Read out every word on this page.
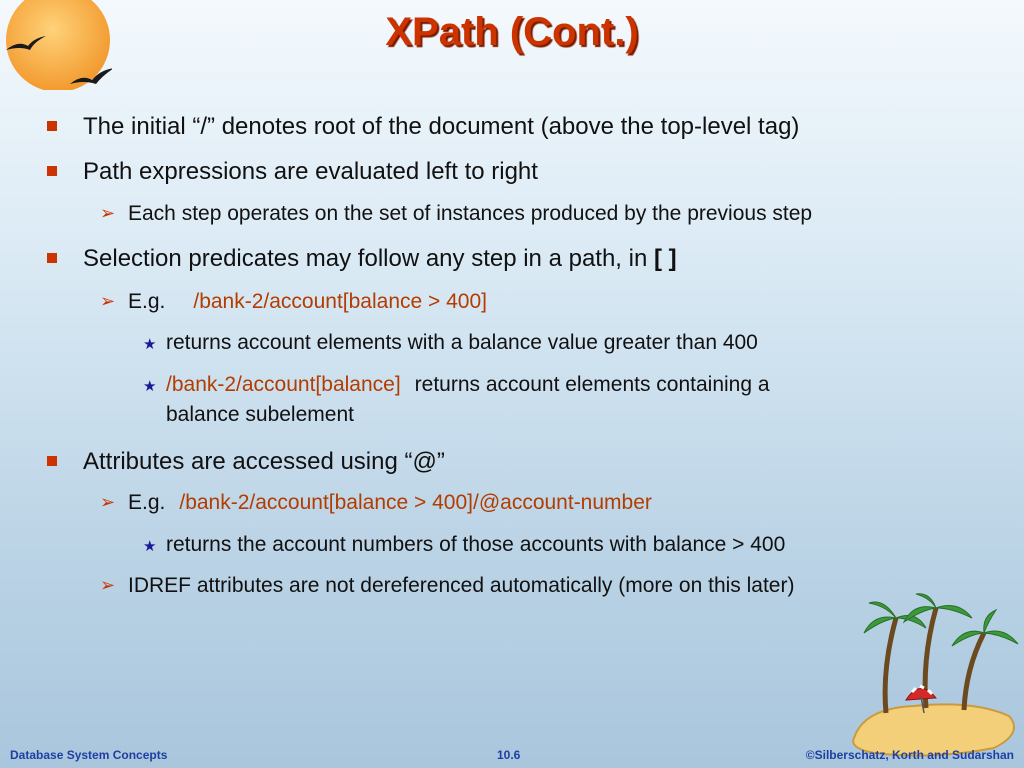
XPath (Cont.)
The initial “/” denotes root of the document (above the top-level tag)
Path expressions are evaluated left to right
➢ Each step operates on the set of instances produced by the previous step
Selection predicates may follow any step in a path, in [ ]
➢ E.g. /bank-2/account[balance > 400]
★ returns account elements with a balance value greater than 400
★ /bank-2/account[balance] returns account elements containing a
balance subelement
Attributes are accessed using “@”
➢ E.g. /bank-2/account[balance > 400]/@account-number
★ returns the account numbers of those accounts with balance > 400
➢ IDREF attributes are not dereferenced automatically (more on this later)
Database System Concepts	10.6	©Silberschatz, Korth and Sudarshan
